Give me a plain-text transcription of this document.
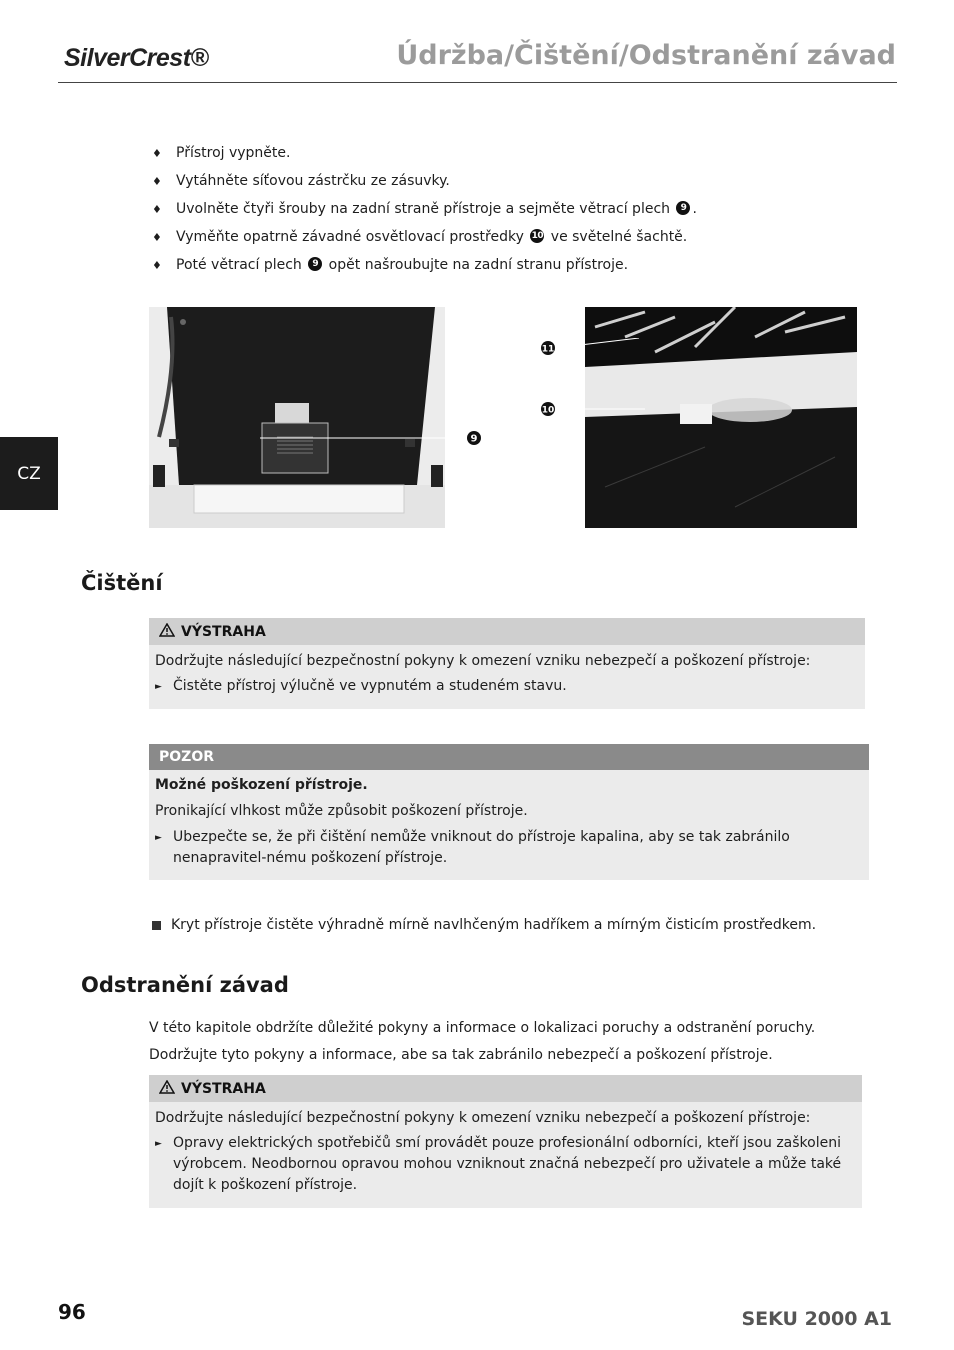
SilverCrest®	Údržba/Čištění/Odstranění závad
CZ
♦	Přístroj vypněte.
♦	Vytáhněte síťovou zástrčku ze zásuvky.
♦	Uvolněte čtyři šrouby na zadní straně přístroje a sejměte větrací plech
	9 .
♦	Vyměňte opatrně závadné osvětlovací prostředky
10 ve světelné šachtě.
♦	Poté větrací plech
	9 opět našroubujte na zadní stranu přístroje.
9
11
10
Čištění
VÝSTRAHA

Dodržujte následující bezpečnostní pokyny k omezení vzniku nebezpečí a poškození přístroje:

► Čistěte přístroj výlučně ve vypnutém a studeném stavu.
POZOR

Možné poškození přístroje.

Pronikající vlhkost může způsobit poškození přístroje.

► Ubezpečte se, že při čištění nemůže vniknout do přístroje kapalina, aby se tak zabránilo nenapravitel-nému poškození přístroje.
Kryt přístroje čistěte výhradně mírně navlhčeným hadříkem a mírným čisticím prostředkem.
Odstranění závad
V této kapitole obdržíte důležité pokyny a informace o lokalizaci poruchy a odstranění poruchy.
Dodržujte tyto pokyny a informace, abe sa tak zabránilo nebezpečí a poškození přístroje.
VÝSTRAHA

Dodržujte následující bezpečnostní pokyny k omezení vzniku nebezpečí a poškození přístroje:

► Opravy elektrických spotřebičů smí provádět pouze profesionální odborníci, kteří jsou zaškoleni výrobcem. Neodbornou opravou mohou vzniknout značná nebezpečí pro uživatele a může také dojít k poškození přístroje.
96	SEKU 2000 A1
